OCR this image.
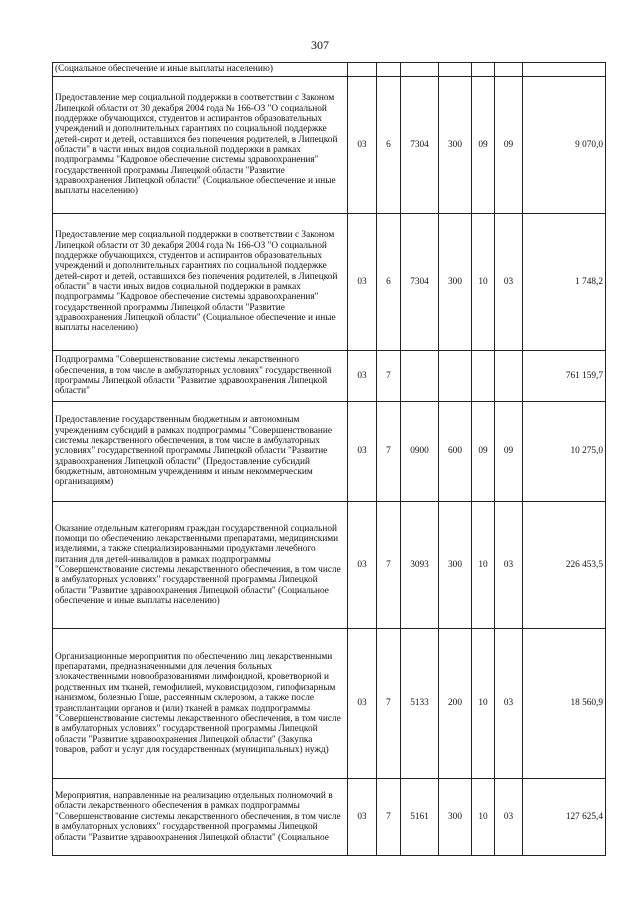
307
(Социальное обеспечение и иные выплаты населению)							
Предоставление мер социальной поддержки в соответствии с Законом Липецкой области от 30 декабря 2004 года № 166-ОЗ "О социальной поддержке обучающихся, студентов и аспирантов образовательных учреждений и дополнительных гарантиях по социальной поддержке детей-сирот и детей, оставшихся без попечения родителей, в Липецкой области" в части иных видов социальной поддержки в рамках подпрограммы "Кадровое обеспечение системы здравоохранения" государственной программы Липецкой области "Развитие здравоохранения Липецкой области" (Социальное обеспечение и иные выплаты населению)	03	6	7304	300	09	09	9 070,0
Предоставление мер социальной поддержки в соответствии с Законом Липецкой области от 30 декабря 2004 года № 166-ОЗ "О социальной поддержке обучающихся, студентов и аспирантов образовательных учреждений и дополнительных гарантиях по социальной поддержке детей-сирот и детей, оставшихся без попечения родителей, в Липецкой области" в части иных видов социальной поддержки в рамках подпрограммы "Кадровое обеспечение системы здравоохранения" государственной программы Липецкой области "Развитие здравоохранения Липецкой области" (Социальное обеспечение и иные выплаты населению)	03	6	7304	300	10	03	1 748,2
Подпрограмма "Совершенствование системы лекарственного обеспечения, в том числе в амбулаторных условиях" государственной программы Липецкой области "Развитие здравоохранения Липецкой области"	03	7					761 159,7
Предоставление государственным бюджетным и автономным учреждениям субсидий в рамках подпрограммы "Совершенствование системы лекарственного обеспечения, в том числе в амбулаторных условиях" государственной программы Липецкой области "Развитие здравоохранения Липецкой области" (Предоставление субсидий бюджетным, автономным учреждениям и иным некоммерческим организациям)	03	7	0900	600	09	09	10 275,0
Оказание отдельным категориям граждан государственной социальной помощи по обеспечению лекарственными препаратами, медицинскими изделиями, а также специализированными продуктами лечебного питания для детей-инвалидов в рамках подпрограммы "Совершенствование системы лекарственного обеспечения, в том числе в амбулаторных условиях" государственной программы Липецкой области "Развитие здравоохранения Липецкой области" (Социальное обеспечение и иные выплаты населению)	03	7	3093	300	10	03	226 453,5
Организационные мероприятия по обеспечению лиц лекарственными препаратами, предназначенными для лечения больных злокачественными новообразованиями лимфоидной, кроветворной и родственных им тканей, гемофилией, муковисцидозом, гипофизарным нанизмом, болезнью Гоше, рассеянным склерозом, а также после трансплантации органов и (или) тканей в рамках подпрограммы "Совершенствование системы лекарственного обеспечения, в том числе в амбулаторных условиях" государственной программы Липецкой области "Развитие здравоохранения Липецкой области" (Закупка товаров, работ и услуг для государственных (муниципальных) нужд)	03	7	5133	200	10	03	18 560,9
Мероприятия, направленные на реализацию отдельных полномочий в области лекарственного обеспечения в рамках подпрограммы "Совершенствование системы лекарственного обеспечения, в том числе в амбулаторных условиях" государственной программы Липецкой области "Развитие здравоохранения Липецкой области" (Социальное	03	7	5161	300	10	03	127 625,4
